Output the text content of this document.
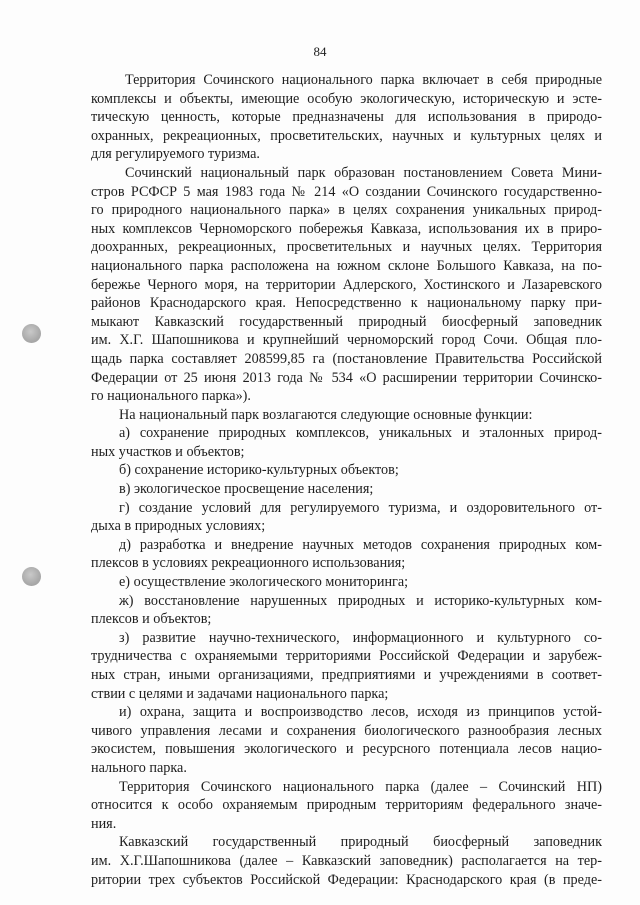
84
Территория Сочинского национального парка включает в себя природные
комплексы и объекты, имеющие особую экологическую, историческую и эсте-
тическую ценность, которые предназначены для использования в природо-
охранных, рекреационных, просветительских, научных и культурных целях и
для регулируемого туризма.
Сочинский национальный парк образован постановлением Совета Мини-
стров РСФСР 5 мая 1983 года № 214 «О создании Сочинского государственно-
го природного национального парка» в целях сохранения уникальных природ-
ных комплексов Черноморского побережья Кавказа, использования их в приро-
доохранных, рекреационных, просветительных и научных целях. Территория
национального парка расположена на южном склоне Большого Кавказа, на по-
бережье Черного моря, на территории Адлерского, Хостинского и Лазаревского
районов Краснодарского края. Непосредственно к национальному парку при-
мыкают Кавказский государственный природный биосферный заповедник
им. Х.Г. Шапошникова и крупнейший черноморский город Сочи. Общая пло-
щадь парка составляет 208599,85 га (постановление Правительства Российской
Федерации от 25 июня 2013 года № 534 «О расширении территории Сочинско-
го национального парка»).
На национальный парк возлагаются следующие основные функции:
а) сохранение природных комплексов, уникальных и эталонных природ-
ных участков и объектов;
б) сохранение историко-культурных объектов;
в) экологическое просвещение населения;
г) создание условий для регулируемого туризма, и оздоровительного от-
дыха в природных условиях;
д) разработка и внедрение научных методов сохранения природных ком-
плексов в условиях рекреационного использования;
е) осуществление экологического мониторинга;
ж) восстановление нарушенных природных и историко-культурных ком-
плексов и объектов;
з) развитие научно-технического, информационного и культурного со-
трудничества с охраняемыми территориями Российской Федерации и зарубеж-
ных стран, иными организациями, предприятиями и учреждениями в соответ-
ствии с целями и задачами национального парка;
и) охрана, защита и воспроизводство лесов, исходя из принципов устой-
чивого управления лесами и сохранения биологического разнообразия лесных
экосистем, повышения экологического и ресурсного потенциала лесов нацио-
нального парка.
Территория Сочинского национального парка (далее – Сочинский НП)
относится к особо охраняемым природным территориям федерального значе-
ния.
Кавказский государственный природный биосферный заповедник
им. Х.Г.Шапошникова (далее – Кавказский заповедник) располагается на тер-
ритории трех субъектов Российской Федерации: Краснодарского края (в преде-
